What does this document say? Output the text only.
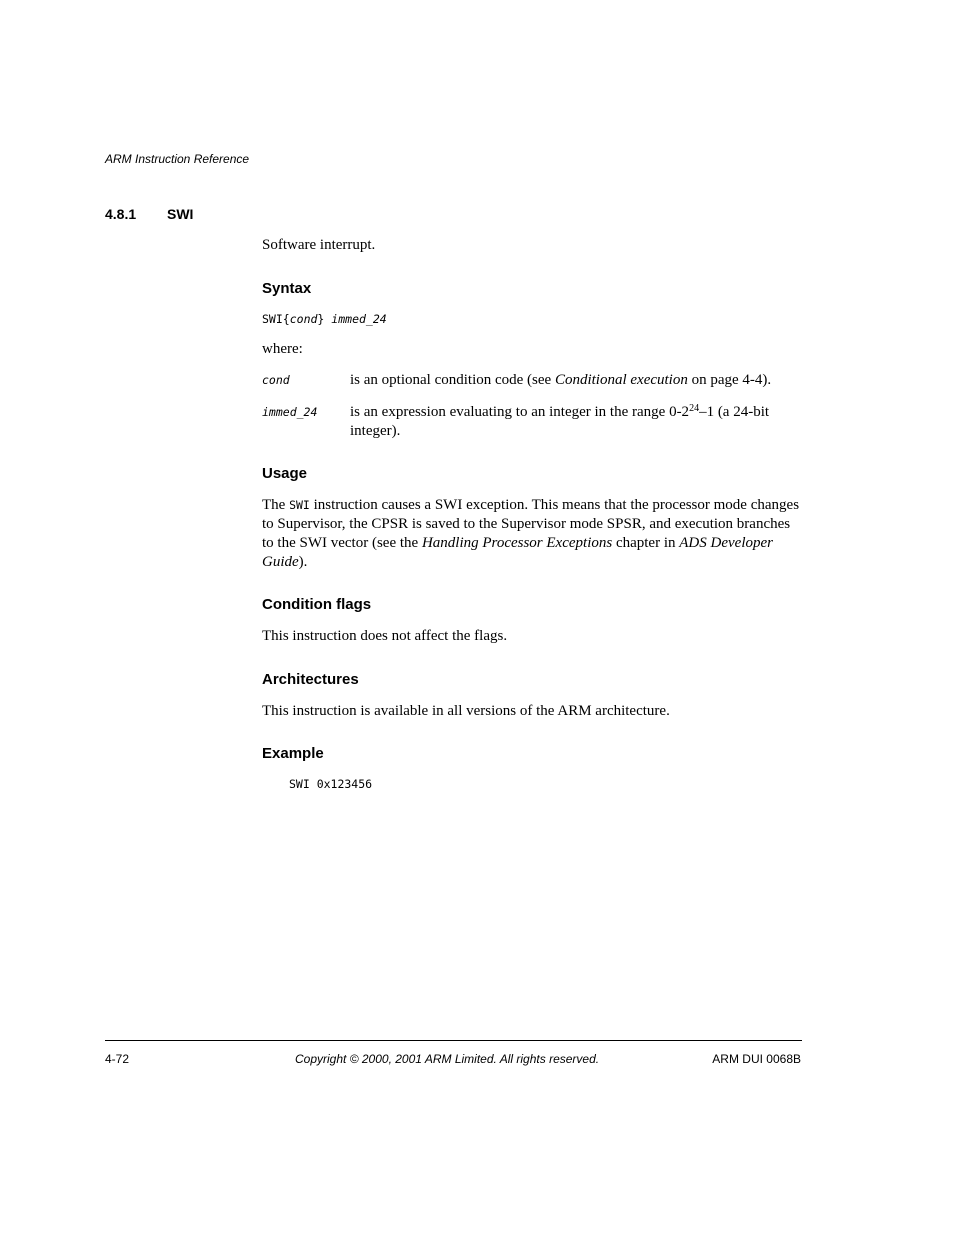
ARM Instruction Reference
4.8.1 SWI
Software interrupt.
Syntax
SWI{cond} immed_24
where:
cond	is an optional condition code (see Conditional execution on page 4-4).
immed_24 is an expression evaluating to an integer in the range $0-2^{24}-1$ (a 24-bit integer).
Usage
The SWI instruction causes a SWI exception. This means that the processor mode changes to Supervisor, the CPSR is saved to the Supervisor mode SPSR, and execution branches to the SWI vector (see the Handling Processor Exceptions chapter in ADS Developer Guide).
Condition flags
This instruction does not affect the flags.
Architectures
This instruction is available in all versions of the ARM architecture.
Example
SWI 0x123456
4-72	Copyright © 2000, 2001 ARM Limited. All rights reserved.	ARM DUI 0068B
